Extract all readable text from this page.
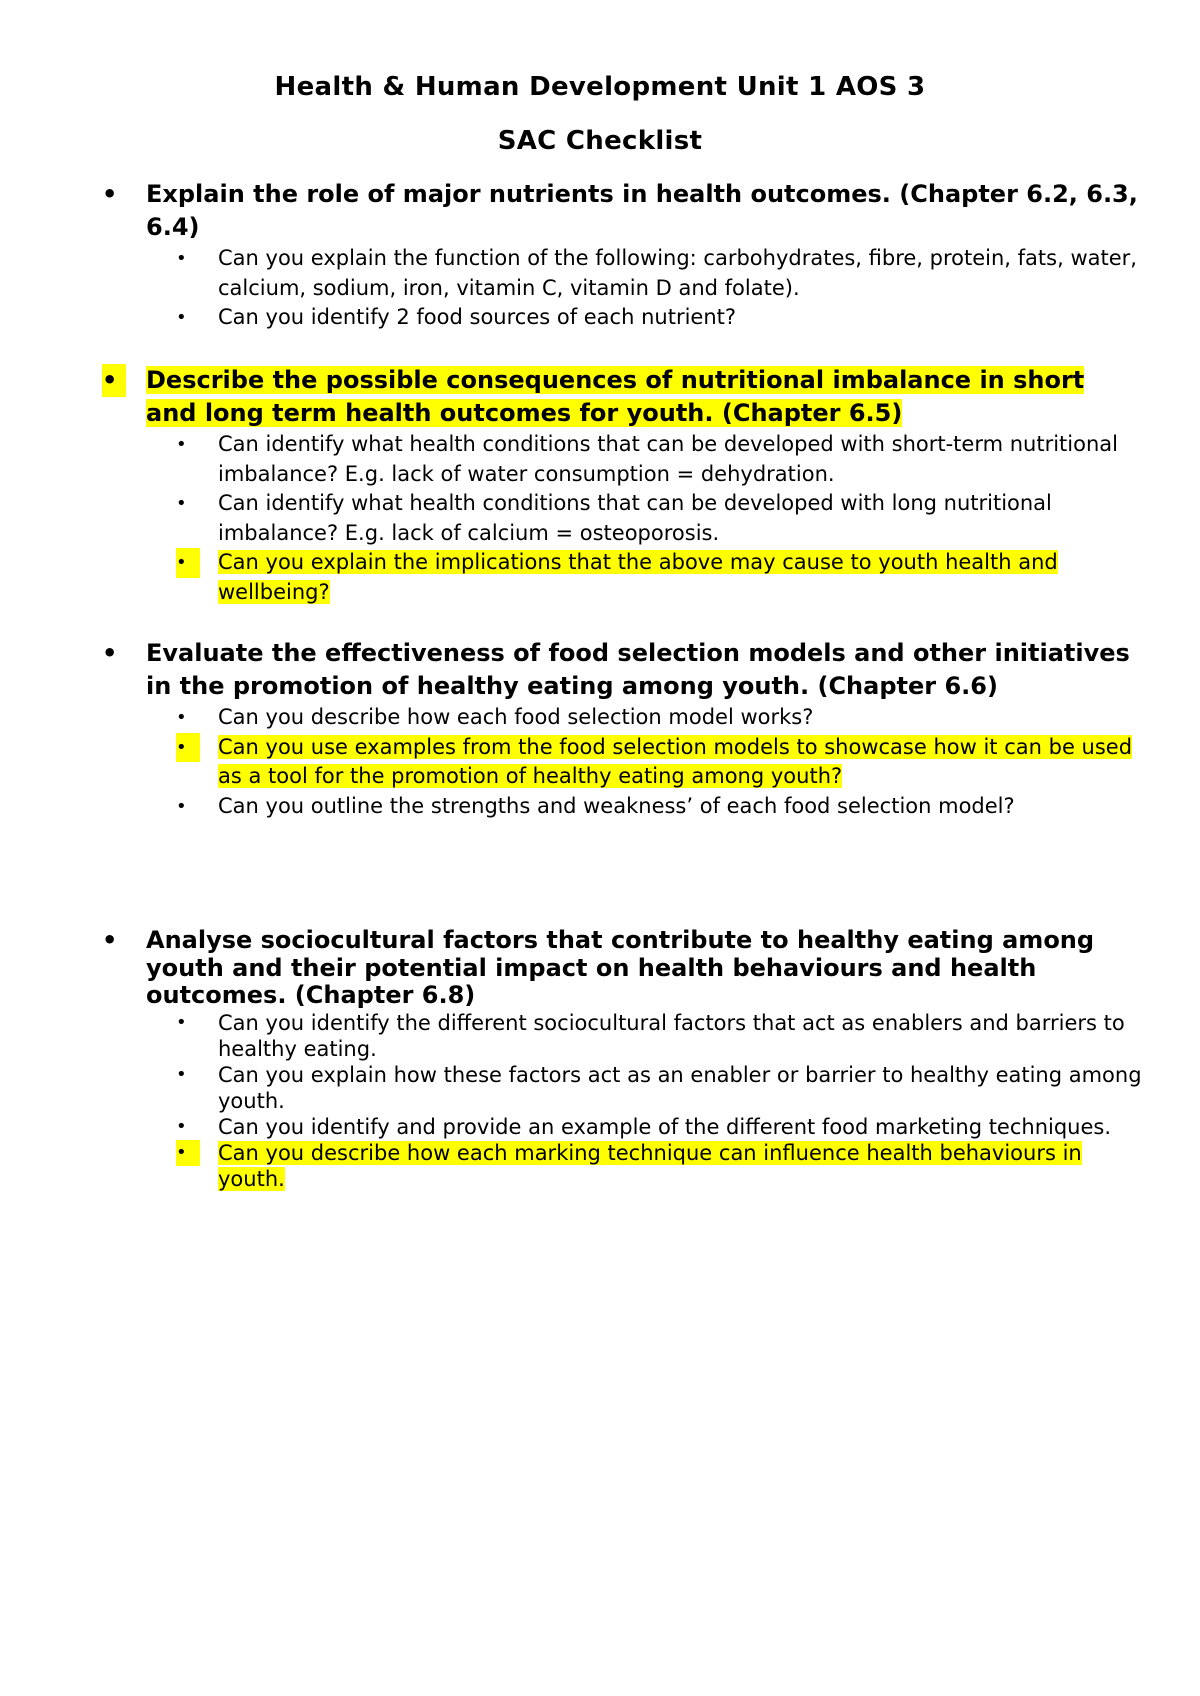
Health & Human Development Unit 1 AOS 3
SAC Checklist
•	Explain the role of major nutrients in health outcomes. (Chapter 6.2, 6.3, 6.4)
•	Can you explain the function of the following: carbohydrates, fibre, protein, fats, water, calcium, sodium, iron, vitamin C, vitamin D and folate).
•	Can you identify 2 food sources of each nutrient?
•	Describe the possible consequences of nutritional imbalance in short and long term health outcomes for youth. (Chapter 6.5)
•	Can identify what health conditions that can be developed with short-term nutritional imbalance? E.g. lack of water consumption = dehydration.
•	Can identify what health conditions that can be developed with long nutritional imbalance? E.g. lack of calcium = osteoporosis.
•	Can you explain the implications that the above may cause to youth health and wellbeing?
•	Evaluate the effectiveness of food selection models and other initiatives in the promotion of healthy eating among youth. (Chapter 6.6)
•	Can you describe how each food selection model works?
•	Can you use examples from the food selection models to showcase how it can be used as a tool for the promotion of healthy eating among youth?
•	Can you outline the strengths and weakness’ of each food selection model?
•	Analyse sociocultural factors that contribute to healthy eating among youth and their potential impact on health behaviours and health outcomes. (Chapter 6.8)
•	Can you identify the different sociocultural factors that act as enablers and barriers to healthy eating.
•	Can you explain how these factors act as an enabler or barrier to healthy eating among youth.
•	Can you identify and provide an example of the different food marketing techniques.
•	Can you describe how each marking technique can influence health behaviours in youth.
